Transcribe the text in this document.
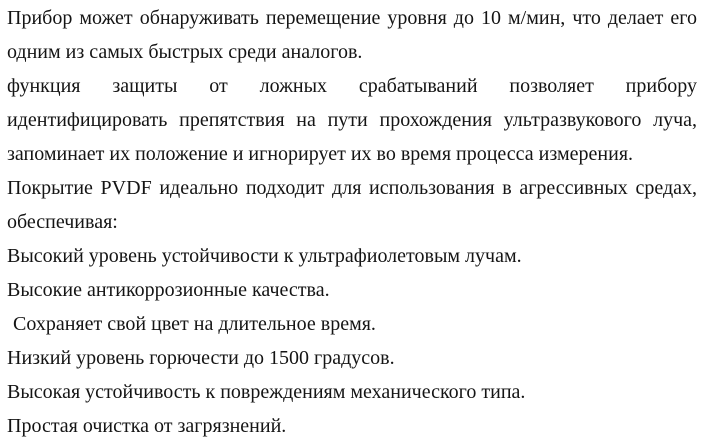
Прибор может обнаруживать перемещение уровня до 10 м/мин, что делает его одним из самых быстрых среди аналогов.

функция защиты от ложных срабатываний позволяет прибору идентифицировать препятствия на пути прохождения ультразвукового луча, запоминает их положение и игнорирует их во время процесса измерения.

Покрытие PVDF идеально подходит для использования в агрессивных средах, обеспечивая:

Высокий уровень устойчивости к ультрафиолетовым лучам.

Высокие антикоррозионные качества.

Сохраняет свой цвет на длительное время.

Низкий уровень горючести до 1500 градусов.

Высокая устойчивость к повреждениям механического типа.

Простая очистка от загрязнений.
